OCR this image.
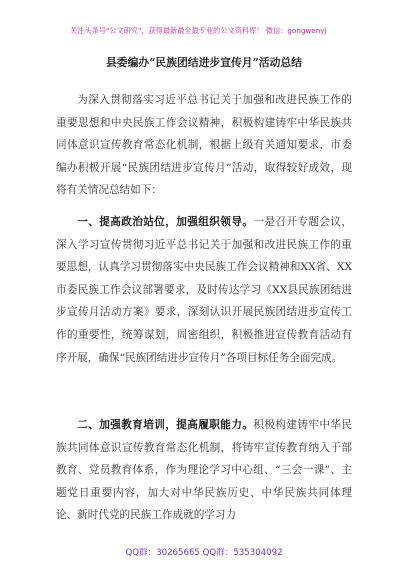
关注头条号"公文研究"，获得最新最全最专业的公文资料库！ 微信：gongwenyj
县委编办“民族团结进步宣传月”活动总结

为深入贯彻落实习近平总书记关于加强和改进民族工作的重要思想和中央民族工作会议精神，积极构建铸牢中华民族共同体意识宣传教育常态化机制，根据上级有关通知要求，市委编办积极开展“民族团结进步宣传月”活动，取得较好成效，现将有关情况总结如下：

一、提高政治站位，加强组织领导。一是召开专题会议，深入学习宣传贯彻习近平总书记关于加强和改进民族工作的重要思想，认真学习贯彻落实中央民族工作会议精神和XX省、XX市委民族工作会议部署要求，及时传达学习《XX县民族团结进步宣传月活动方案》要求，深刻认识开展民族团结进步宣传工作的重要性，统筹谋划，周密组织，积极推进宣传教育活动有序开展，确保“民族团结进步宣传月”各项目标任务全面完成。

二、加强教育培训，提高履职能力。积极构建铸牢中华民族共同体意识宣传教育常态化机制，将铸牢宣传教育纳入于部教育、党员教育体系，作为理论学习中心组、“三会一课”、主题党日重要内容，加大对中华民族历史、中华民族共同体理论、新时代党的民族工作成就的学习力

QQ群：30265665 QQ群：535304092
